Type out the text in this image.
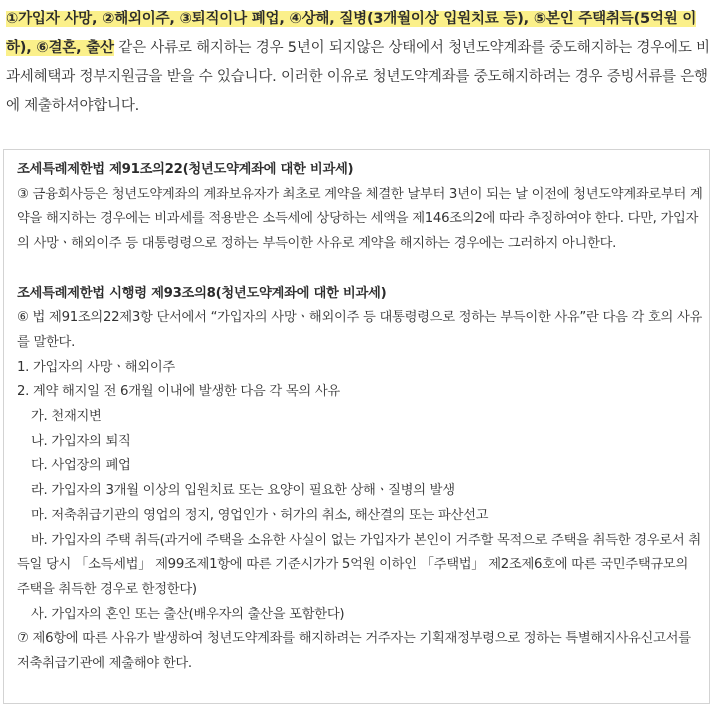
①가입자 사망, ②해외이주, ③퇴직이나 폐업, ④상해, 질병(3개월이상 입원치료 등), ⑤본인 주택취득(5억원 이하), ⑥결혼, 출산 같은 사류로 해지하는 경우 5년이 되지않은 상태에서 청년도약계좌를 중도해지하는 경우에도 비과세혜택과 정부지원금을 받을 수 있습니다. 이러한 이유로 청년도약계좌를 중도해지하려는 경우 증빙서류를 은행에 제출하셔야합니다.
조세특례제한법 제91조의22(청년도약계좌에 대한 비과세)
③ 금융회사등은 청년도약계좌의 계좌보유자가 최초로 계약을 체결한 날부터 3년이 되는 날 이전에 청년도약계좌로부터 계약을 해지하는 경우에는 비과세를 적용받은 소득세에 상당하는 세액을 제146조의2에 따라 추징하여야 한다. 다만, 가입자의 사망ㆍ해외이주 등 대통령령으로 정하는 부득이한 사유로 계약을 해지하는 경우에는 그러하지 아니한다.
조세특례제한법 시행령 제93조의8(청년도약계좌에 대한 비과세)
⑥ 법 제91조의22제3항 단서에서 “가입자의 사망ㆍ해외이주 등 대통령령으로 정하는 부득이한 사유”란 다음 각 호의 사유를 말한다.
1. 가입자의 사망ㆍ해외이주
2. 계약 해지일 전 6개월 이내에 발생한 다음 각 목의 사유
가. 천재지변
나. 가입자의 퇴직
다. 사업장의 폐업
라. 가입자의 3개월 이상의 입원치료 또는 요양이 필요한 상해ㆍ질병의 발생
마. 저축취급기관의 영업의 정지, 영업인가ㆍ허가의 취소, 해산결의 또는 파산선고
바. 가입자의 주택 취득(과거에 주택을 소유한 사실이 없는 가입자가 본인이 거주할 목적으로 주택을 취득한 경우로서 취득일 당시 「소득세법」 제99조제1항에 따른 기준시가가 5억원 이하인 「주택법」 제2조제6호에 따른 국민주택규모의 주택을 취득한 경우로 한정한다)
사. 가입자의 혼인 또는 출산(배우자의 출산을 포함한다)
⑦ 제6항에 따른 사유가 발생하여 청년도약계좌를 해지하려는 거주자는 기획재정부령으로 정하는 특별해지사유신고서를 저축취급기관에 제출해야 한다.
